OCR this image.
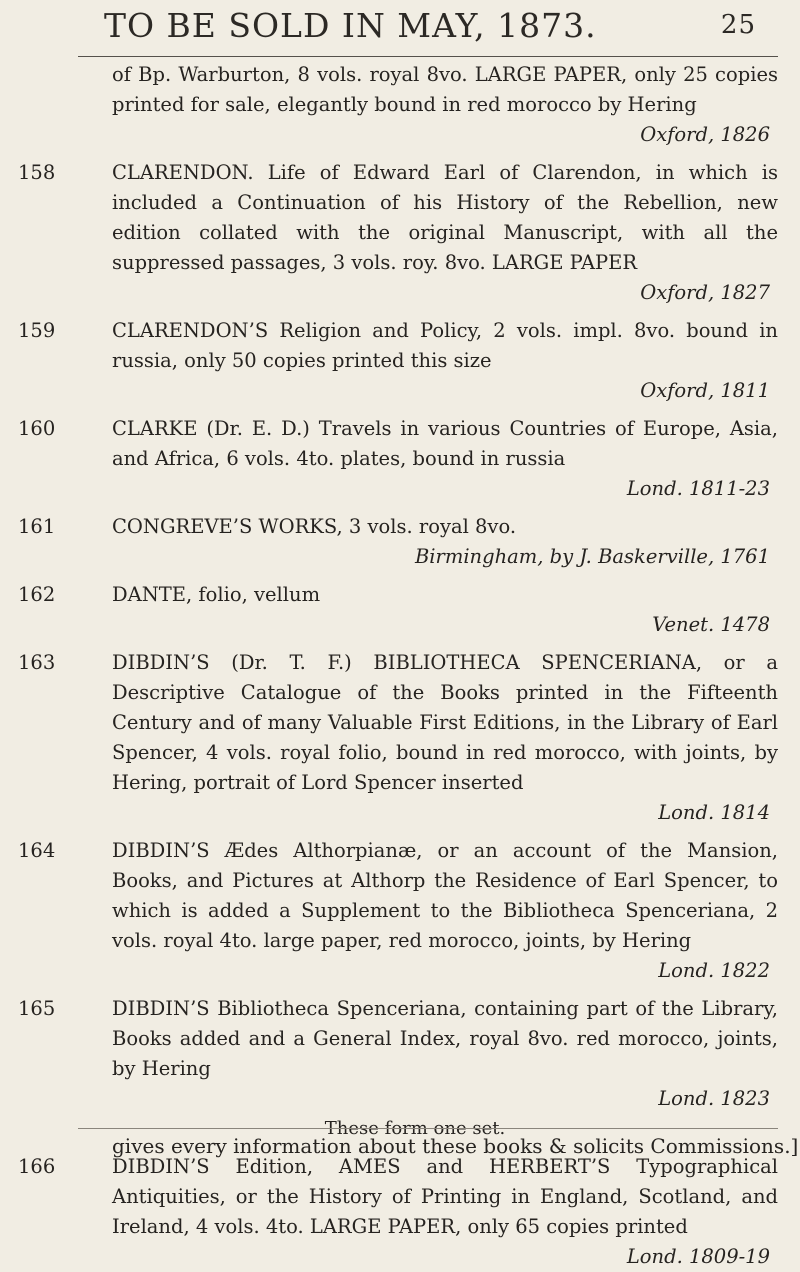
TO BE SOLD IN MAY, 1873.	25
of Bp. Warburton, 8 vols. royal 8vo. LARGE PAPER, only 25 copies printed for sale, elegantly bound in red morocco by Hering
Oxford, 1826
158	CLARENDON. Life of Edward Earl of Clarendon, in which is included a Continuation of his History of the Rebellion, new edition collated with the original Manuscript, with all the suppressed passages, 3 vols. roy. 8vo. LARGE PAPER
Oxford, 1827
159	CLARENDON’S Religion and Policy, 2 vols. impl. 8vo. bound in russia, only 50 copies printed this size
Oxford, 1811
160	CLARKE (Dr. E. D.) Travels in various Countries of Europe, Asia, and Africa, 6 vols. 4to. plates, bound in russia
Lond. 1811-23
161	CONGREVE’S WORKS, 3 vols. royal 8vo.
Birmingham, by J. Baskerville, 1761
162	DANTE, folio, vellum
Venet. 1478
163	DIBDIN’S (Dr. T. F.) BIBLIOTHECA SPENCERIANA, or a Descriptive Catalogue of the Books printed in the Fifteenth Century and of many Valuable First Editions, in the Library of Earl Spencer, 4 vols. royal folio, bound in red morocco, with joints, by Hering, portrait of Lord Spencer inserted
Lond. 1814
164	DIBDIN’S Ædes Althorpianæ, or an account of the Mansion, Books, and Pictures at Althorp the Residence of Earl Spencer, to which is added a Supplement to the Bibliotheca Spenceriana, 2 vols. royal 4to. large paper, red morocco, joints, by Hering
Lond. 1822
165	DIBDIN’S Bibliotheca Spenceriana, containing part of the Library, Books added and a General Index, royal 8vo. red morocco, joints, by Hering
Lond. 1823
These form one set.
166	DIBDIN’S Edition, AMES and HERBERT’S Typographical Antiquities, or the History of Printing in England, Scotland, and Ireland, 4 vols. 4to. LARGE PAPER, only 65 copies printed
Lond. 1809-19
gives every information about these books & solicits Commissions.]
